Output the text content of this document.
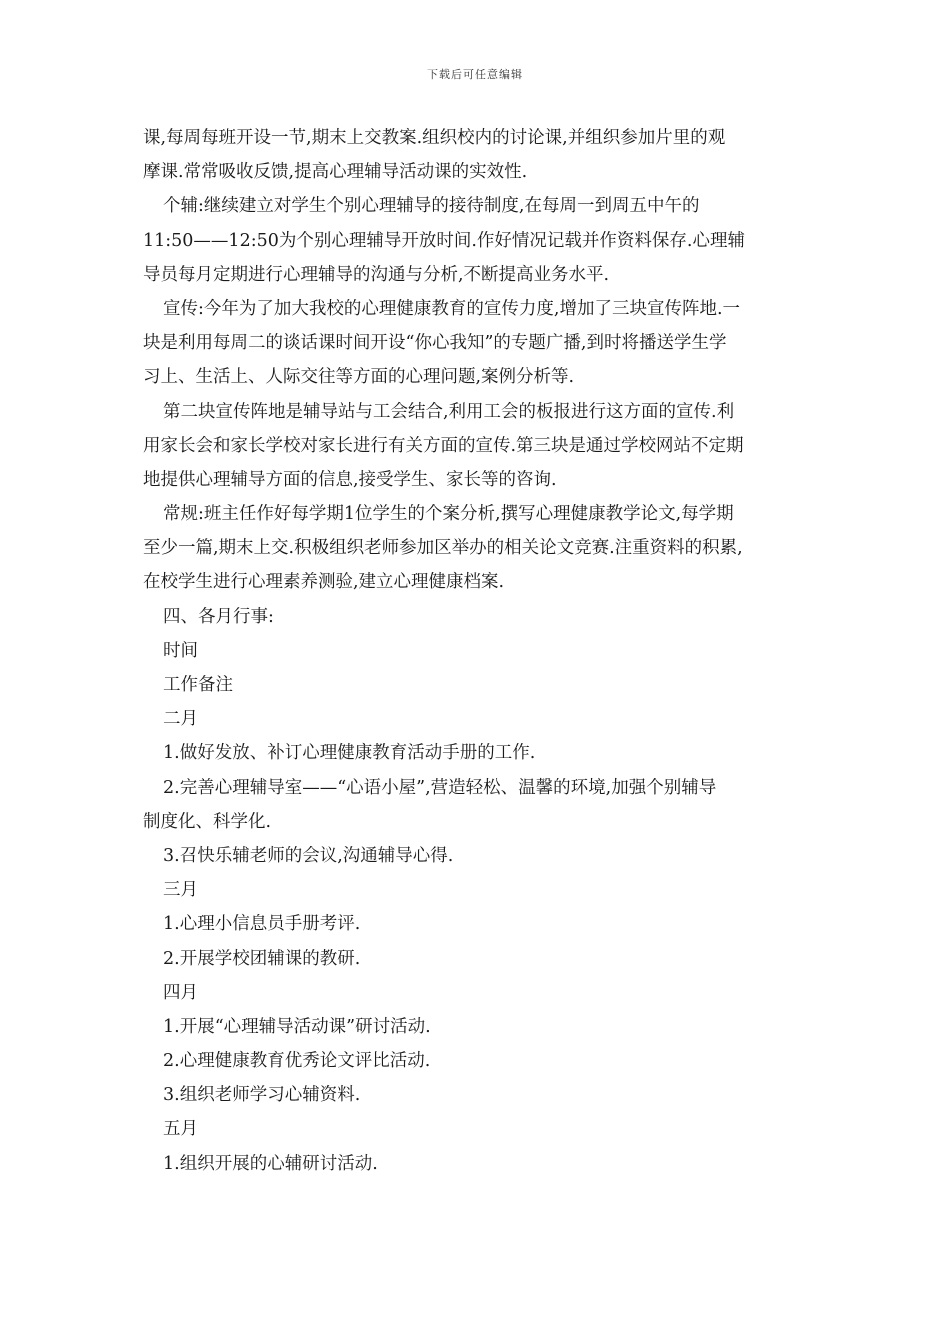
下载后可任意编辑
课,每周每班开设一节,期末上交教案.组织校内的讨论课,并组织参加片里的观
摩课.常常吸收反馈,提高心理辅导活动课的实效性.
个辅:继续建立对学生个别心理辅导的接待制度,在每周一到周五中午的
11:50——12:50为个别心理辅导开放时间.作好情况记载并作资料保存.心理辅
导员每月定期进行心理辅导的沟通与分析,不断提高业务水平.
宣传:今年为了加大我校的心理健康教育的宣传力度,增加了三块宣传阵地.一
块是利用每周二的谈话课时间开设“你心我知”的专题广播,到时将播送学生学
习上、生活上、人际交往等方面的心理问题,案例分析等.
第二块宣传阵地是辅导站与工会结合,利用工会的板报进行这方面的宣传.利
用家长会和家长学校对家长进行有关方面的宣传.第三块是通过学校网站不定期
地提供心理辅导方面的信息,接受学生、家长等的咨询.
常规:班主任作好每学期1位学生的个案分析,撰写心理健康教学论文,每学期
至少一篇,期末上交.积极组织老师参加区举办的相关论文竞赛.注重资料的积累,
在校学生进行心理素养测验,建立心理健康档案.
四、各月行事:
时间
工作备注
二月
1.做好发放、补订心理健康教育活动手册的工作.
2.完善心理辅导室——“心语小屋”,营造轻松、温馨的环境,加强个别辅导
制度化、科学化.
3.召快乐辅老师的会议,沟通辅导心得.
三月
1.心理小信息员手册考评.
2.开展学校团辅课的教研.
四月
1.开展“心理辅导活动课”研讨活动.
2.心理健康教育优秀论文评比活动.
3.组织老师学习心辅资料.
五月
1.组织开展的心辅研讨活动.
